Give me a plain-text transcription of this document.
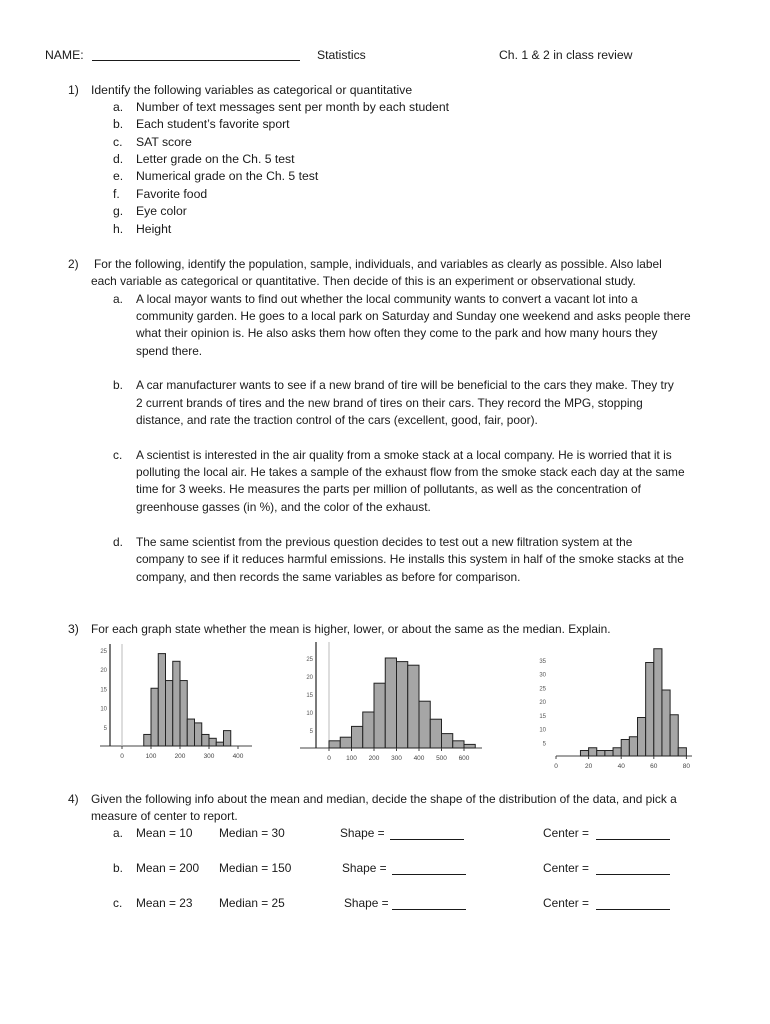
NAME:	Statistics	Ch. 1 & 2 in class review
1) Identify the following variables as categorical or quantitative
a. Number of text messages sent per month by each student
b. Each student’s favorite sport
c. SAT score
d. Letter grade on the Ch. 5 test
e. Numerical grade on the Ch. 5 test
f. Favorite food
g. Eye color
h. Height
2) For the following, identify the population, sample, individuals, and variables as clearly as possible. Also label
each variable as categorical or quantitative. Then decide of this is an experiment or observational study.
a. A local mayor wants to find out whether the local community wants to convert a vacant lot into a
community garden. He goes to a local park on Saturday and Sunday one weekend and asks people there
what their opinion is. He also asks them how often they come to the park and how many hours they
spend there.
b. A car manufacturer wants to see if a new brand of tire will be beneficial to the cars they make. They try
2 current brands of tires and the new brand of tires on their cars. They record the MPG, stopping
distance, and rate the traction control of the cars (excellent, good, fair, poor).
c. A scientist is interested in the air quality from a smoke stack at a local company. He is worried that it is
polluting the local air. He takes a sample of the exhaust flow from the smoke stack each day at the same
time for 3 weeks. He measures the parts per million of pollutants, as well as the concentration of
greenhouse gasses (in %), and the color of the exhaust.
d. The same scientist from the previous question decides to test out a new filtration system at the
company to see if it reduces harmful emissions. He installs this system in half of the smoke stacks at the
company, and then records the same variables as before for comparison.
3) For each graph state whether the mean is higher, lower, or about the same as the median. Explain.
5
10
15
20
25
0	100	200	300	400
5
10
15
20
25
0 100 200 300 400 500 600
5
10
15
20
25
30
35
0	20	40	60	80
4) Given the following info about the mean and median, decide the shape of the distribution of the data, and pick a
measure of center to report.
a. Mean = 10 Median = 30	Shape =	Center =
b. Mean = 200 Median = 150	Shape =	Center =
c. Mean = 23 Median = 25	Shape =	Center =
